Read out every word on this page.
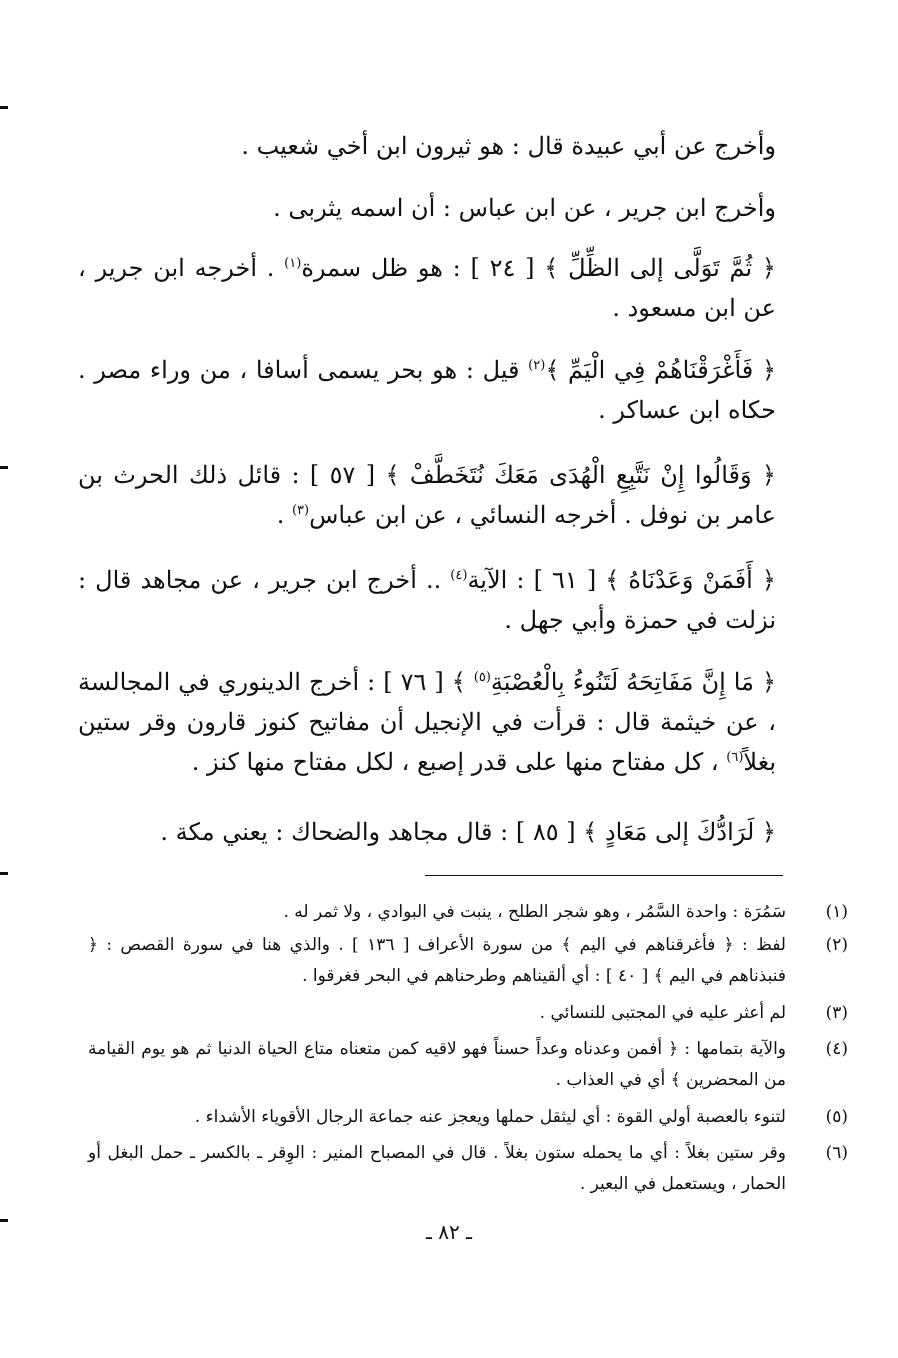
وأخرج عن أبي عبيدة قال : هو ثيرون ابن أخي شعيب .
وأخرج ابن جرير ، عن ابن عباس : أن اسمه يثربى .
﴿ ثُمَّ تَوَلَّى إلى الظِّلِّ ﴾ [ ٢٤ ] : هو ظل سمرة$^{(١)}$ . أخرجه ابن جرير ، عن ابن مسعود .
﴿ فَأَغْرَقْنَاهُمْ فِي الْيَمِّ ﴾$^{(٢)}$ قيل : هو بحر يسمى أسافا ، من وراء مصر . حكاه ابن عساكر .
﴿ وَقَالُوا إِنْ نَتَّبِعِ الْهُدَى مَعَكَ نُتَخَطَّفْ ﴾ [ ٥٧ ] : قائل ذلك الحرث بن عامر بن نوفل . أخرجه النسائي ، عن ابن عباس$^{(٣)}$ .
﴿ أَفَمَنْ وَعَدْنَاهُ ﴾ [ ٦١ ] : الآية$^{(٤)}$ .. أخرج ابن جرير ، عن مجاهد قال : نزلت في حمزة وأبي جهل .
﴿ مَا إِنَّ مَفَاتِحَهُ لَتَنُوءُ بِالْعُصْبَةِ$^{(٥)}$ ﴾ [ ٧٦ ] : أخرج الدينوري في المجالسة ، عن خيثمة قال : قرأت في الإنجيل أن مفاتيح كنوز قارون وقر ستين بغلاً$^{(٦)}$ ، كل مفتاح منها على قدر إصبع ، لكل مفتاح منها كنز .
﴿ لَرَادُّكَ إلى مَعَادٍ ﴾ [ ٨٥ ] : قال مجاهد والضحاك : يعني مكة .
(١)
سَمُرَة : واحدة السَّمُر ، وهو شجر الطلح ، ينبت في البوادي ، ولا ثمر له .
(٢)
لفظ : ﴿ فأغرقناهم في اليم ﴾ من سورة الأعراف [ ١٣٦ ] . والذي هنا في سورة القصص : ﴿ فنبذناهم في اليم ﴾ [ ٤٠ ] : أي ألقيناهم وطرحناهم في البحر فغرقوا .
(٣)
لم أعثر عليه في المجتبى للنسائي .
(٤)
والآية بتمامها : ﴿ أفمن وعدناه وعداً حسناً فهو لاقيه كمن متعناه متاع الحياة الدنيا ثم هو يوم القيامة من المحضرين ﴾ أي في العذاب .
(٥)
لتنوء بالعصبة أولي القوة : أي ليثقل حملها ويعجز عنه جماعة الرجال الأقوياء الأشداء .
(٦)
وقر ستين بغلاً : أي ما يحمله ستون بغلاً . قال في المصباح المنير : الوِقر ـ بالكسر ـ حمل البغل أو الحمار ، ويستعمل في البعير .
ـ ٨٢ ـ
